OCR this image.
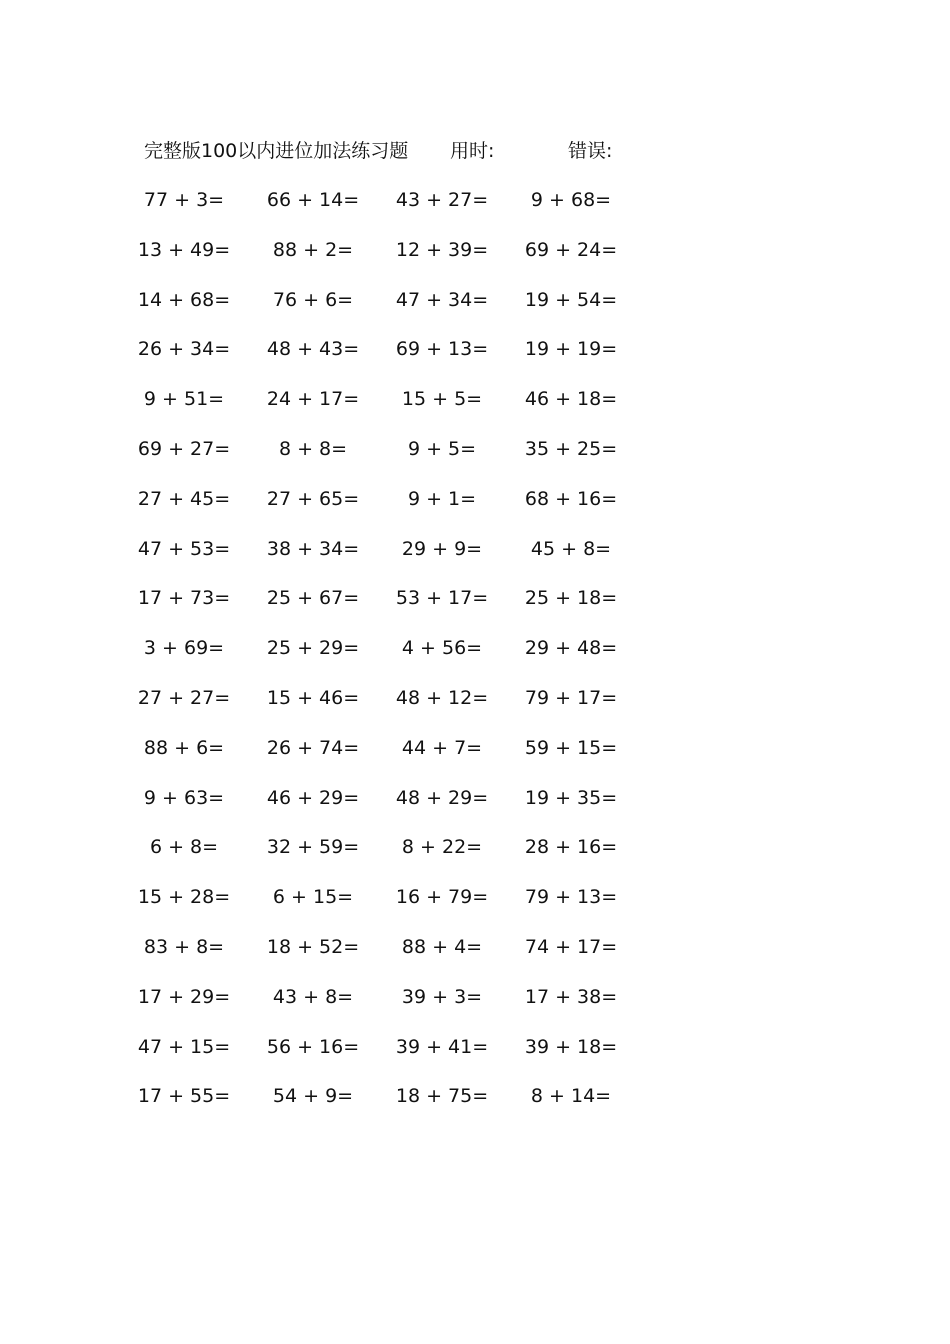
完整版100以内进位加法练习题 用时:	错误:
77 + 3=	66 + 14=	43 + 27=	9 + 68=
13 + 49=	88 + 2=	12 + 39=	69 + 24=
14 + 68=	76 + 6=	47 + 34=	19 + 54=
26 + 34=	48 + 43=	69 + 13=	19 + 19=
9 + 51=	24 + 17=	15 + 5=	46 + 18=
69 + 27=	8 + 8=	9 + 5=	35 + 25=
27 + 45=	27 + 65=	9 + 1=	68 + 16=
47 + 53=	38 + 34=	29 + 9=	45 + 8=
17 + 73=	25 + 67=	53 + 17=	25 + 18=
3 + 69=	25 + 29=	4 + 56=	29 + 48=
27 + 27=	15 + 46=	48 + 12=	79 + 17=
88 + 6=	26 + 74=	44 + 7=	59 + 15=
9 + 63=	46 + 29=	48 + 29=	19 + 35=
6 + 8=	32 + 59=	8 + 22=	28 + 16=
15 + 28=	6 + 15=	16 + 79=	79 + 13=
83 + 8=	18 + 52=	88 + 4=	74 + 17=
17 + 29=	43 + 8=	39 + 3=	17 + 38=
47 + 15=	56 + 16=	39 + 41=	39 + 18=
17 + 55=	54 + 9=	18 + 75=	8 + 14=
